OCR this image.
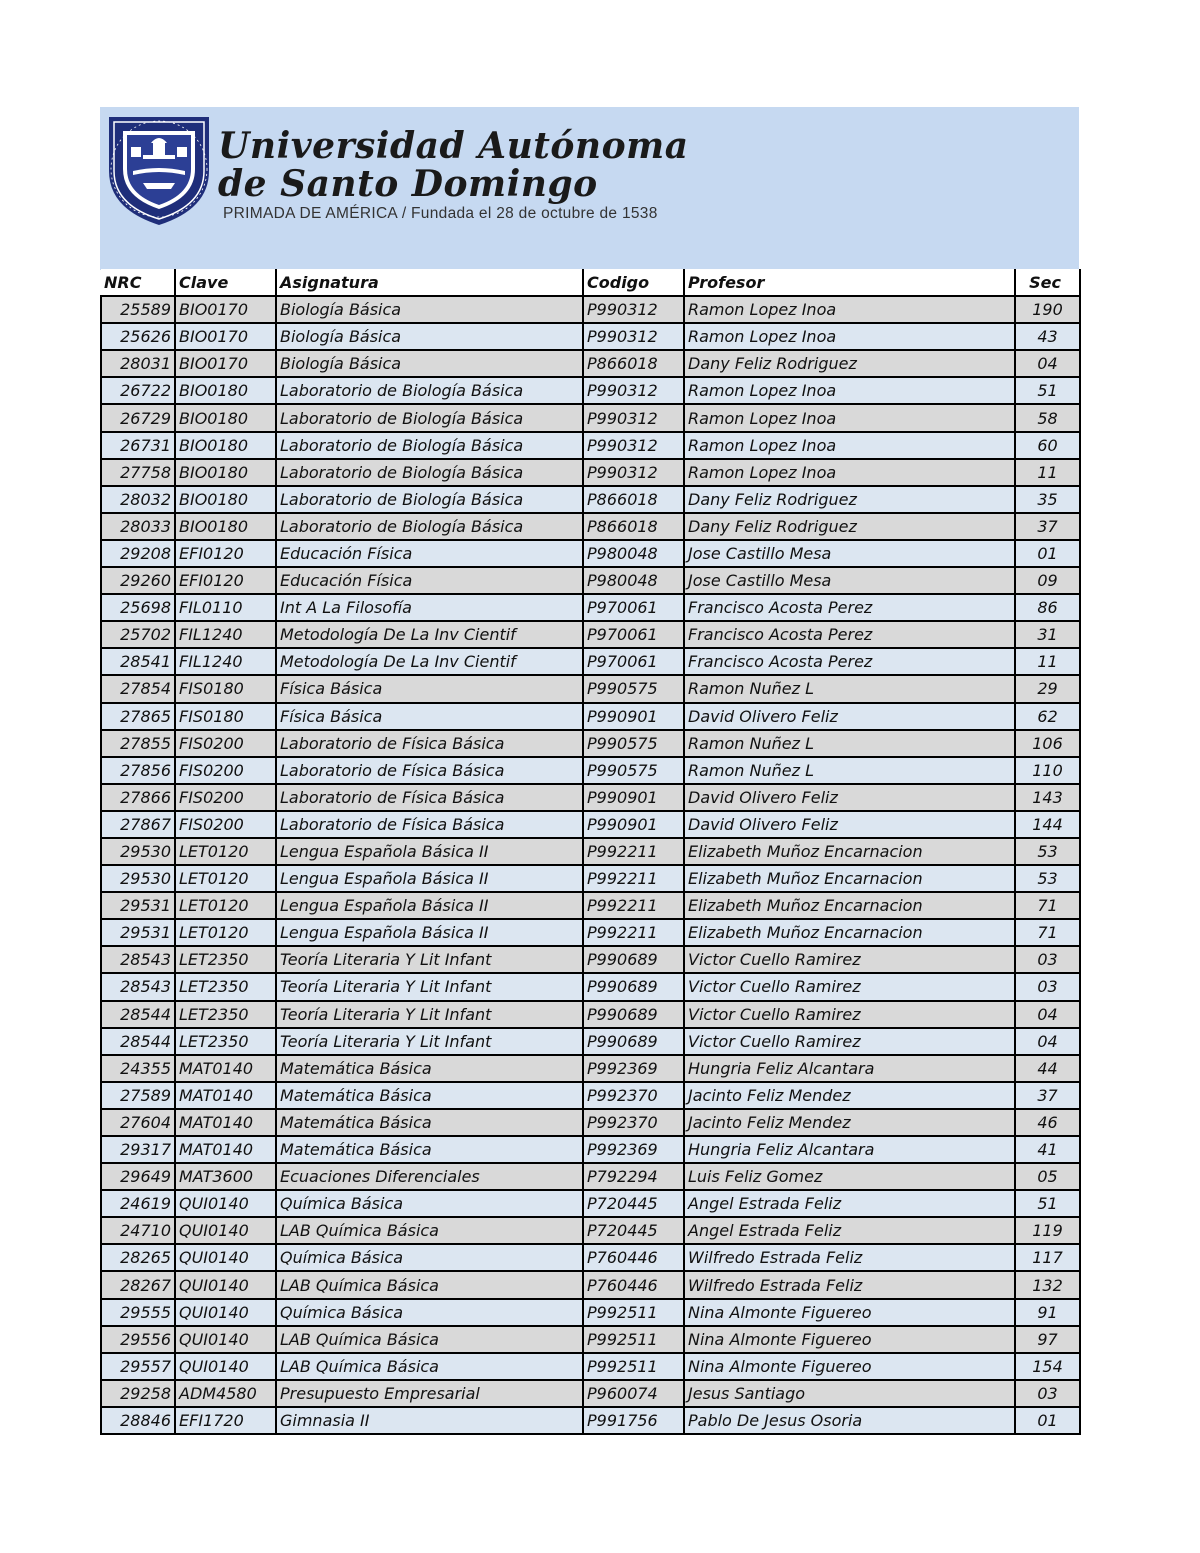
Universidad Autónoma
de Santo Domingo
PRIMADA DE AMÉRICA / Fundada el 28 de octubre de 1538
NRC	Clave	Asignatura	Codigo	Profesor	Sec
25589	BIO0170	Biología Básica	P990312	Ramon Lopez Inoa	190
25626	BIO0170	Biología Básica	P990312	Ramon Lopez Inoa	43
28031	BIO0170	Biología Básica	P866018	Dany Feliz Rodriguez	04
26722	BIO0180	Laboratorio de Biología Básica	P990312	Ramon Lopez Inoa	51
26729	BIO0180	Laboratorio de Biología Básica	P990312	Ramon Lopez Inoa	58
26731	BIO0180	Laboratorio de Biología Básica	P990312	Ramon Lopez Inoa	60
27758	BIO0180	Laboratorio de Biología Básica	P990312	Ramon Lopez Inoa	11
28032	BIO0180	Laboratorio de Biología Básica	P866018	Dany Feliz Rodriguez	35
28033	BIO0180	Laboratorio de Biología Básica	P866018	Dany Feliz Rodriguez	37
29208	EFI0120	Educación Física	P980048	Jose Castillo Mesa	01
29260	EFI0120	Educación Física	P980048	Jose Castillo Mesa	09
25698	FIL0110	Int A La Filosofía	P970061	Francisco Acosta Perez	86
25702	FIL1240	Metodología De La Inv Cientif	P970061	Francisco Acosta Perez	31
28541	FIL1240	Metodología De La Inv Cientif	P970061	Francisco Acosta Perez	11
27854	FIS0180	Física Básica	P990575	Ramon Nuñez L	29
27865	FIS0180	Física Básica	P990901	David Olivero Feliz	62
27855	FIS0200	Laboratorio de Física Básica	P990575	Ramon Nuñez L	106
27856	FIS0200	Laboratorio de Física Básica	P990575	Ramon Nuñez L	110
27866	FIS0200	Laboratorio de Física Básica	P990901	David Olivero Feliz	143
27867	FIS0200	Laboratorio de Física Básica	P990901	David Olivero Feliz	144
29530	LET0120	Lengua Española Básica II	P992211	Elizabeth Muñoz Encarnacion	53
29530	LET0120	Lengua Española Básica II	P992211	Elizabeth Muñoz Encarnacion	53
29531	LET0120	Lengua Española Básica II	P992211	Elizabeth Muñoz Encarnacion	71
29531	LET0120	Lengua Española Básica II	P992211	Elizabeth Muñoz Encarnacion	71
28543	LET2350	Teoría Literaria Y Lit Infant	P990689	Victor Cuello Ramirez	03
28543	LET2350	Teoría Literaria Y Lit Infant	P990689	Victor Cuello Ramirez	03
28544	LET2350	Teoría Literaria Y Lit Infant	P990689	Victor Cuello Ramirez	04
28544	LET2350	Teoría Literaria Y Lit Infant	P990689	Victor Cuello Ramirez	04
24355	MAT0140	Matemática Básica	P992369	Hungria Feliz Alcantara	44
27589	MAT0140	Matemática Básica	P992370	Jacinto Feliz Mendez	37
27604	MAT0140	Matemática Básica	P992370	Jacinto Feliz Mendez	46
29317	MAT0140	Matemática Básica	P992369	Hungria Feliz Alcantara	41
29649	MAT3600	Ecuaciones Diferenciales	P792294	Luis Feliz Gomez	05
24619	QUI0140	Química Básica	P720445	Angel Estrada Feliz	51
24710	QUI0140	LAB Química Básica	P720445	Angel Estrada Feliz	119
28265	QUI0140	Química Básica	P760446	Wilfredo Estrada Feliz	117
28267	QUI0140	LAB Química Básica	P760446	Wilfredo Estrada Feliz	132
29555	QUI0140	Química Básica	P992511	Nina Almonte Figuereo	91
29556	QUI0140	LAB Química Básica	P992511	Nina Almonte Figuereo	97
29557	QUI0140	LAB Química Básica	P992511	Nina Almonte Figuereo	154
29258	ADM4580	Presupuesto Empresarial	P960074	Jesus Santiago	03
28846	EFI1720	Gimnasia II	P991756	Pablo De Jesus Osoria	01
